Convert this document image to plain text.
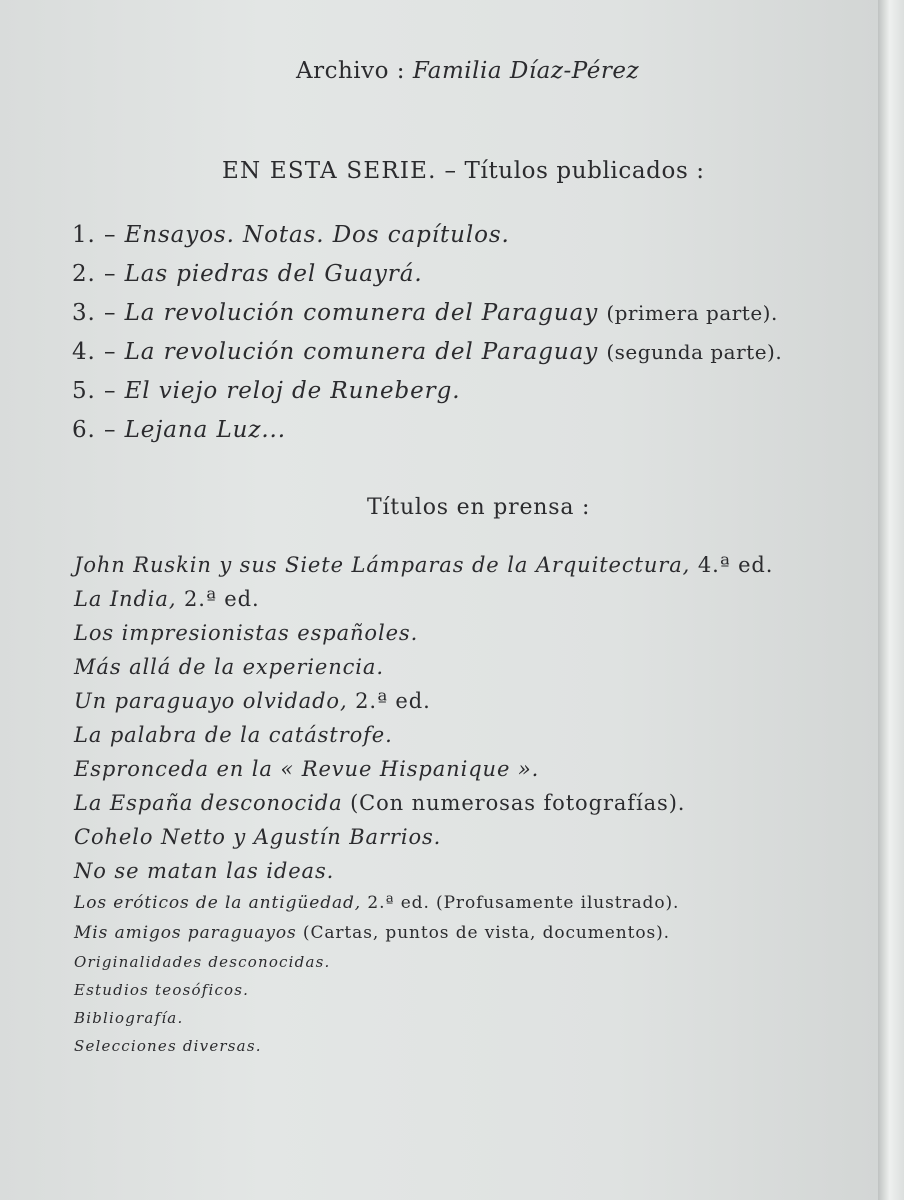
Archivo : Familia Díaz-Pérez
EN ESTA SERIE. – Títulos publicados :
1. – Ensayos. Notas. Dos capítulos.
2. – Las piedras del Guayrá.
3. – La revolución comunera del Paraguay (primera parte).
4. – La revolución comunera del Paraguay (segunda parte).
5. – El viejo reloj de Runeberg.
6. – Lejana Luz...
Títulos en prensa :
John Ruskin y sus Siete Lámparas de la Arquitectura, 4.ª ed.
La India, 2.ª ed.
Los impresionistas españoles.
Más allá de la experiencia.
Un paraguayo olvidado, 2.ª ed.
La palabra de la catástrofe.
Espronceda en la « Revue Hispanique ».
La España desconocida (Con numerosas fotografías).
Cohelo Netto y Agustín Barrios.
No se matan las ideas.
Los eróticos de la antigüedad, 2.ª ed. (Profusamente ilustrado).
Mis amigos paraguayos (Cartas, puntos de vista, documentos).
Originalidades desconocidas.
Estudios teosóficos.
Bibliografía.
Selecciones diversas.
